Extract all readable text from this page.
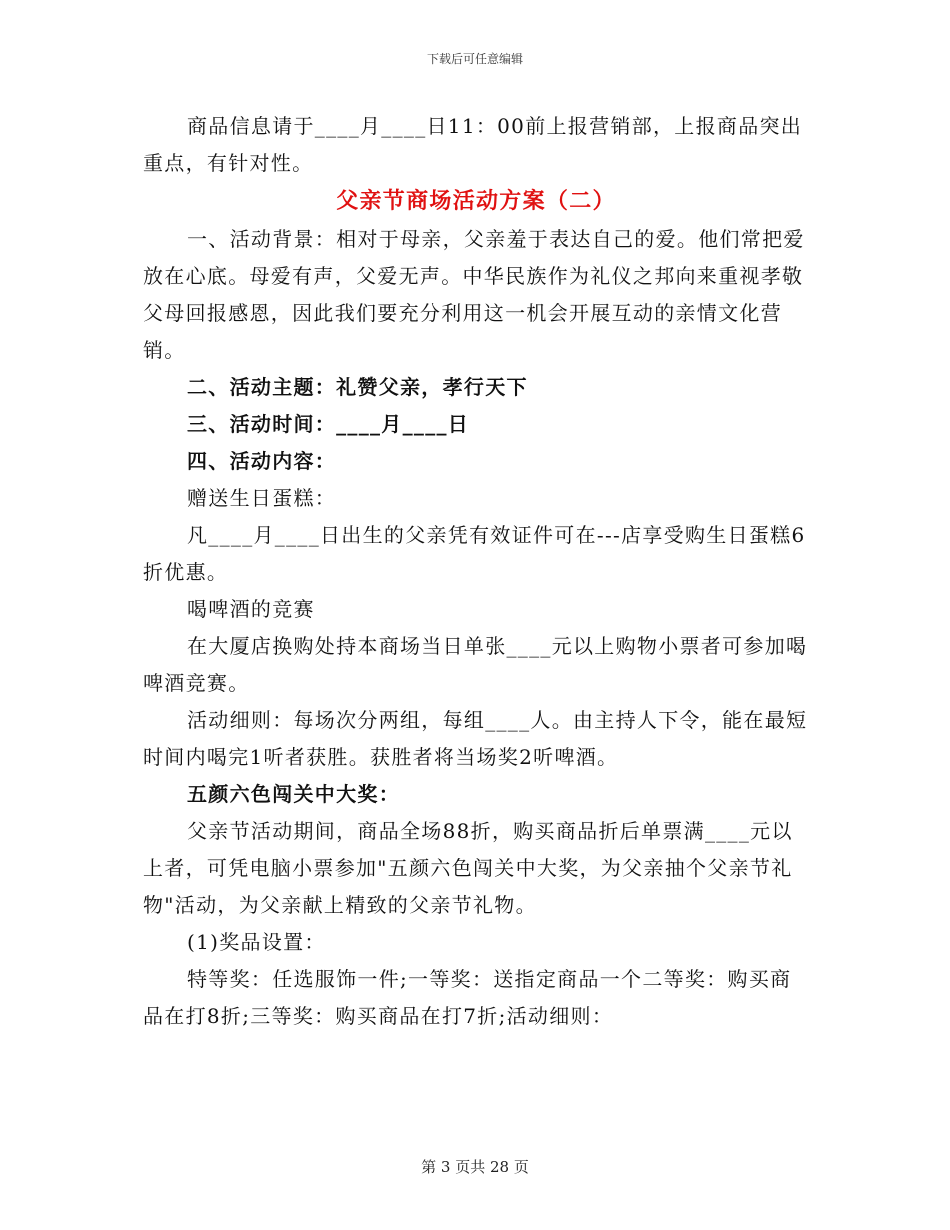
下载后可任意编辑

商品信息请于____月____日11：00前上报营销部，上报商品突出重点，有针对性。

父亲节商场活动方案（二）

一、活动背景：相对于母亲，父亲羞于表达自己的爱。他们常把爱放在心底。母爱有声，父爱无声。中华民族作为礼仪之邦向来重视孝敬父母回报感恩，因此我们要充分利用这一机会开展互动的亲情文化营销。

二、活动主题：礼赞父亲，孝行天下

三、活动时间：____月____日

四、活动内容：

赠送生日蛋糕：

凡____月____日出生的父亲凭有效证件可在---店享受购生日蛋糕6折优惠。

喝啤酒的竞赛

在大厦店换购处持本商场当日单张____元以上购物小票者可参加喝啤酒竞赛。

活动细则：每场次分两组，每组____人。由主持人下令，能在最短时间内喝完1听者获胜。获胜者将当场奖2听啤酒。

五颜六色闯关中大奖：

父亲节活动期间，商品全场88折，购买商品折后单票满____元以上者，可凭电脑小票参加"五颜六色闯关中大奖，为父亲抽个父亲节礼物"活动，为父亲献上精致的父亲节礼物。

(1)奖品设置：

特等奖：任选服饰一件;一等奖：送指定商品一个二等奖：购买商品在打8折;三等奖：购买商品在打7折;活动细则：

第 3 页共 28 页
